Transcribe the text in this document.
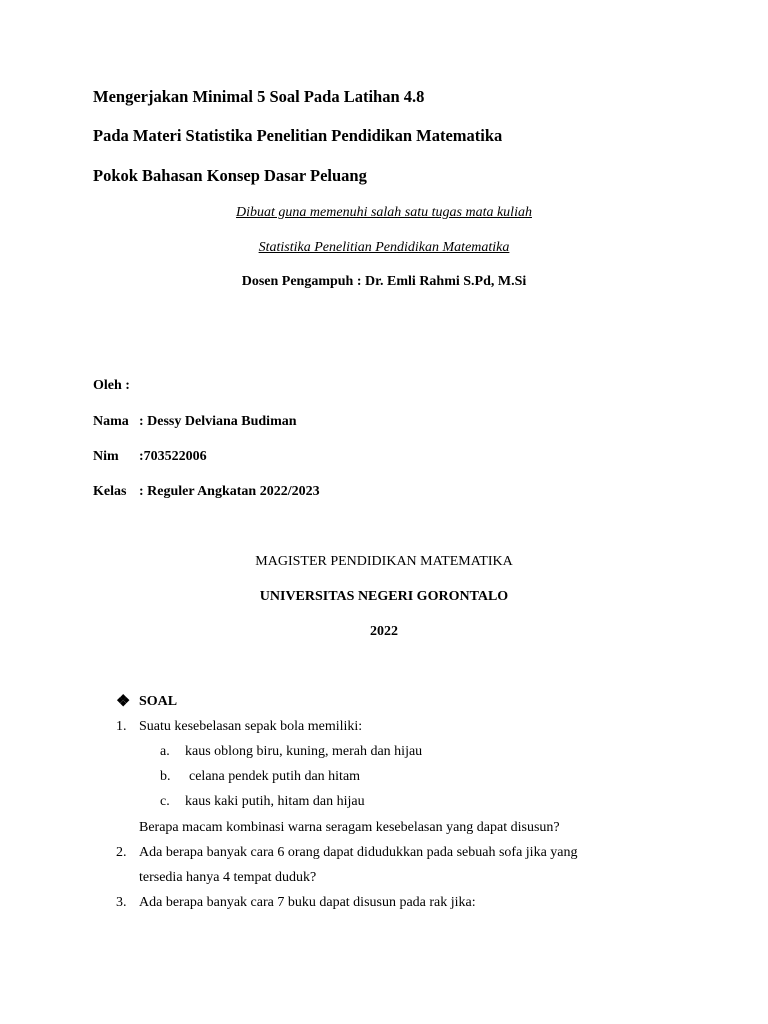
Mengerjakan Minimal 5 Soal Pada Latihan 4.8
Pada Materi Statistika Penelitian Pendidikan Matematika
Pokok Bahasan Konsep Dasar Peluang
Dibuat guna memenuhi salah satu tugas mata kuliah
Statistika Penelitian Pendidikan Matematika
Dosen Pengampuh : Dr. Emli Rahmi S.Pd, M.Si
Oleh :
Nama : Dessy Delviana Budiman
Nim :703522006
Kelas : Reguler Angkatan 2022/2023
MAGISTER PENDIDIKAN MATEMATIKA
UNIVERSITAS NEGERI GORONTALO
2022
❖ SOAL
1. Suatu kesebelasan sepak bola memiliki:
a. kaus oblong biru, kuning, merah dan hijau
b. celana pendek putih dan hitam
c. kaus kaki putih, hitam dan hijau
Berapa macam kombinasi warna seragam kesebelasan yang dapat disusun?
2. Ada berapa banyak cara 6 orang dapat didudukkan pada sebuah sofa jika yang
tersedia hanya 4 tempat duduk?
3. Ada berapa banyak cara 7 buku dapat disusun pada rak jika:
